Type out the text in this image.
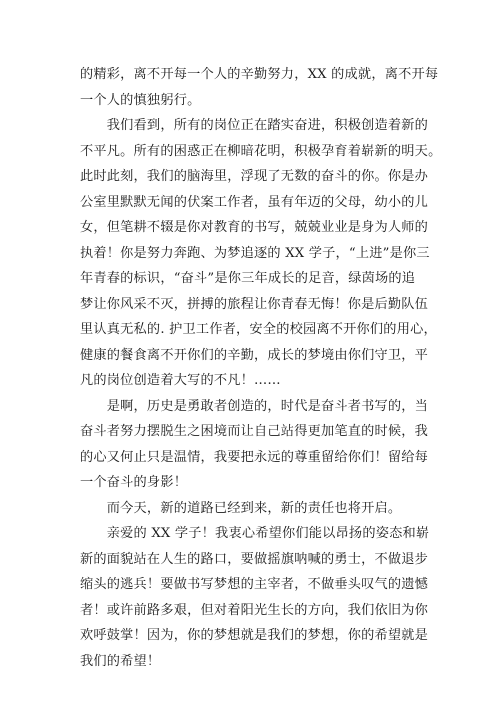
的精彩，离不开每一个人的辛勤努力，XX 的成就，离不开每
一个人的慎独躬行。
　　我们看到，所有的岗位正在踏实奋进，积极创造着新的
不平凡。所有的困惑正在柳暗花明，积极孕育着崭新的明天。
此时此刻，我们的脑海里，浮现了无数的奋斗的你。你是办
公室里默默无闻的伏案工作者，虽有年迈的父母，幼小的儿
女，但笔耕不辍是你对教育的书写，兢兢业业是身为人师的
执着！你是努力奔跑、为梦追逐的 XX 学子，“上进”是你三
年青春的标识，“奋斗”是你三年成长的足音，绿茵场的追
梦让你风采不灭，拼搏的旅程让你青春无悔！你是后勤队伍
里认真无私的. 护卫工作者，安全的校园离不开你们的用心，
健康的餐食离不开你们的辛勤，成长的梦境由你们守卫，平
凡的岗位创造着大写的不凡！……
　　是啊，历史是勇敢者创造的，时代是奋斗者书写的，当
奋斗者努力摆脱生之困境而让自己站得更加笔直的时候，我
的心又何止只是温情，我要把永远的尊重留给你们！留给每
一个奋斗的身影！
　　而今天，新的道路已经到来，新的责任也将开启。
　　亲爱的 XX 学子！我衷心希望你们能以昂扬的姿态和崭
新的面貌站在人生的路口，要做摇旗呐喊的勇士，不做退步
缩头的逃兵！要做书写梦想的主宰者，不做垂头叹气的遗憾
者！或许前路多艰，但对着阳光生长的方向，我们依旧为你
欢呼鼓掌！因为，你的梦想就是我们的梦想，你的希望就是
我们的希望！
